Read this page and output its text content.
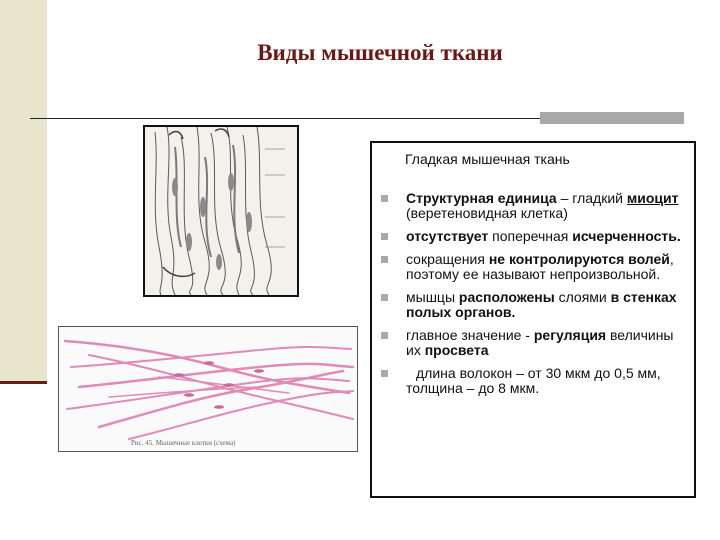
Виды мышечной ткани
Рис. 45. Мышечные клетки (схема)
Гладкая мышечная ткань
Структурная единица – гладкий миоцит (веретеновидная клетка)
отсутствует поперечная исчерченность.
сокращения не контролируются волей, поэтому ее называют непроизвольной.
мышцы расположены слоями в стенках полых органов.
главное значение - регуляция величины их просвета
длина волокон – от 30 мкм до 0,5 мм, толщина – до 8 мкм.
